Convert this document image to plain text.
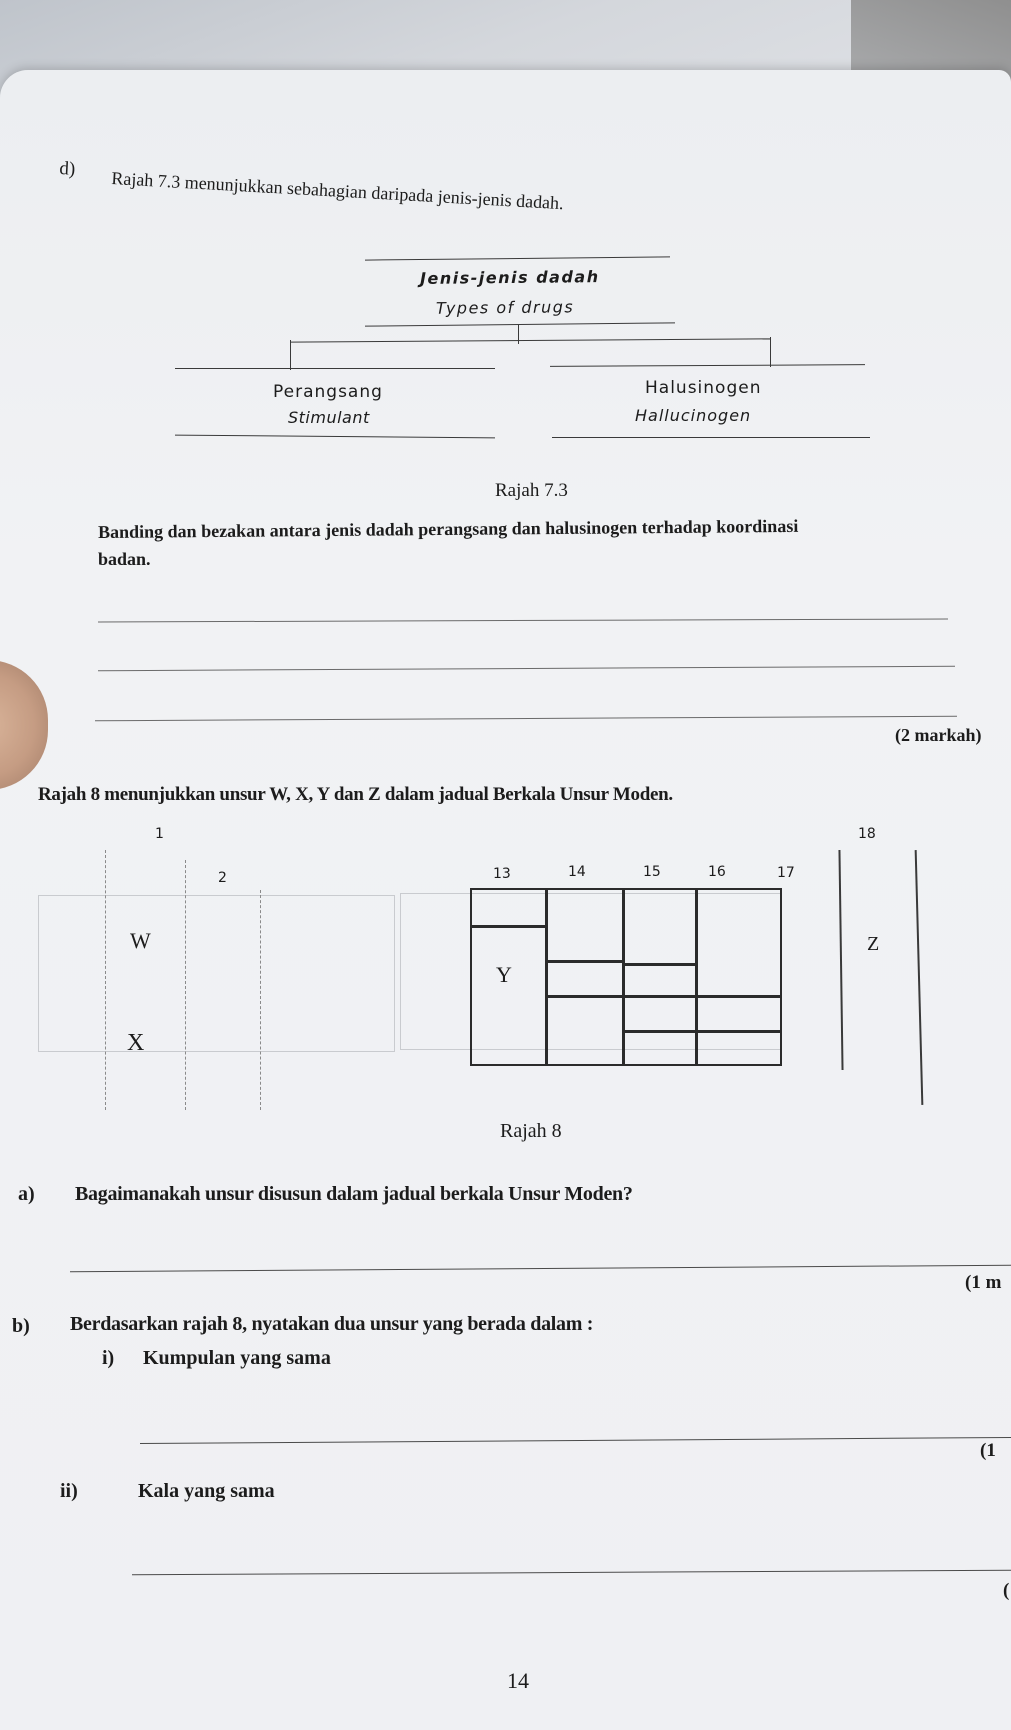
d) Rajah 7.3 menunjukkan sebahagian daripada jenis-jenis dadah.
Jenis-jenis dadah
Types of drugs
Perangsang
Stimulant
Halusinogen
Hallucinogen
Rajah 7.3
Banding dan bezakan antara jenis dadah perangsang dan halusinogen terhadap koordinasi
badan.
(2 markah)
Rajah 8 menunjukkan unsur W, X, Y dan Z dalam jadual Berkala Unsur Moden.
1
2	13	14	15	16	17
18
W
X
Y
Z
Rajah 8
a) Bagaimanakah unsur disusun dalam jadual berkala Unsur Moden?
(1 m
b) Berdasarkan rajah 8, nyatakan dua unsur yang berada dalam :
i) Kumpulan yang sama
(1
ii)	Kala yang sama
(
14
